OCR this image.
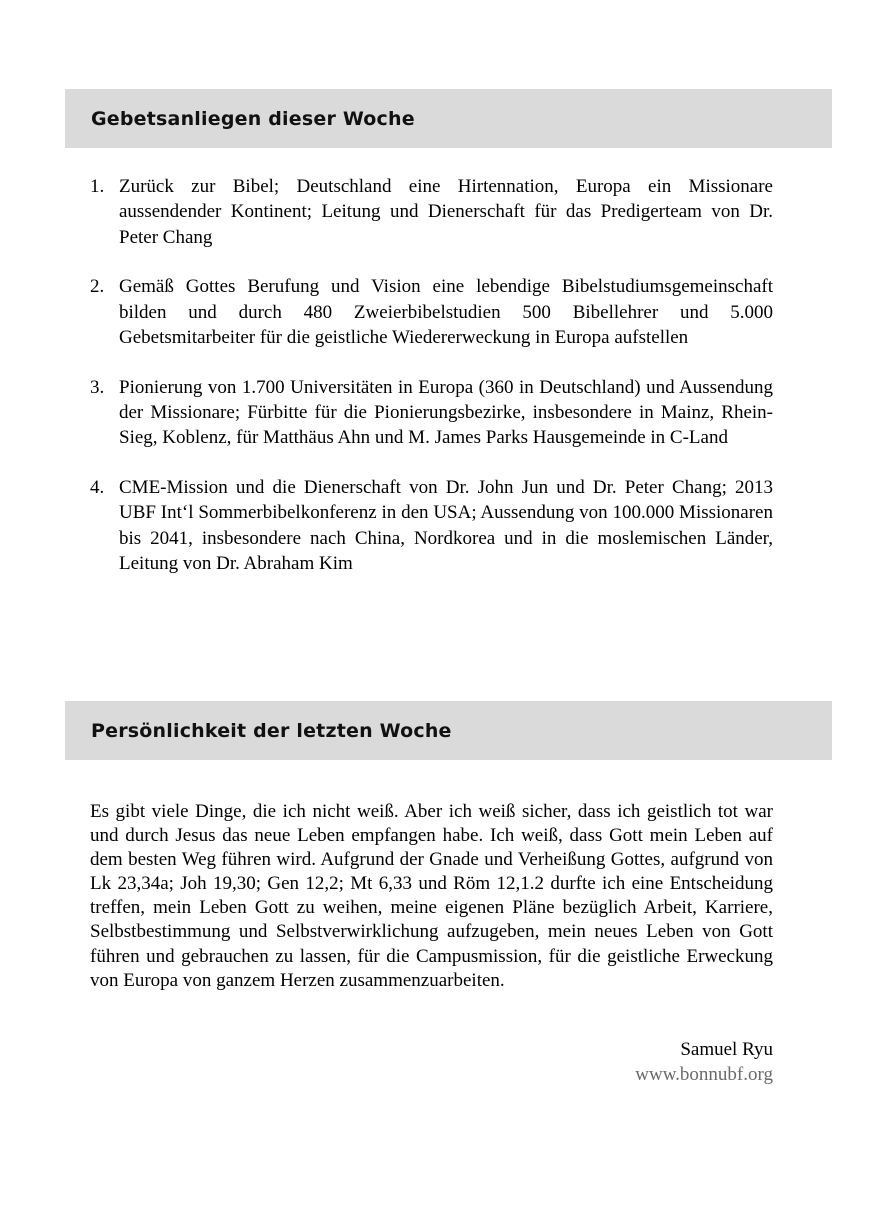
Gebetsanliegen dieser Woche
1. Zurück zur Bibel; Deutschland eine Hirtennation, Europa ein Missionare aussendender Kontinent; Leitung und Dienerschaft für das Predigerteam von Dr. Peter Chang
2. Gemäß Gottes Berufung und Vision eine lebendige Bibelstudiumsgemeinschaft bilden und durch 480 Zweierbibelstudien 500 Bibellehrer und 5.000 Gebetsmitarbeiter für die geistliche Wiedererweckung in Europa aufstellen
3. Pionierung von 1.700 Universitäten in Europa (360 in Deutschland) und Aussendung der Missionare; Fürbitte für die Pionierungsbezirke, insbesondere in Mainz, Rhein-Sieg, Koblenz, für Matthäus Ahn und M. James Parks Hausgemeinde in C-Land
4. CME-Mission und die Dienerschaft von Dr. John Jun und Dr. Peter Chang; 2013 UBF Int‘l Sommerbibelkonferenz in den USA; Aussendung von 100.000 Missionaren bis 2041, insbesondere nach China, Nordkorea und in die moslemischen Länder, Leitung von Dr. Abraham Kim
Persönlichkeit der letzten Woche

Es gibt viele Dinge, die ich nicht weiß. Aber ich weiß sicher, dass ich geistlich tot war und durch Jesus das neue Leben empfangen habe. Ich weiß, dass Gott mein Leben auf dem besten Weg führen wird. Aufgrund der Gnade und Verheißung Gottes, aufgrund von Lk 23,34a; Joh 19,30; Gen 12,2; Mt 6,33 und Röm 12,1.2 durfte ich eine Entscheidung treffen, mein Leben Gott zu weihen, meine eigenen Pläne bezüglich Arbeit, Karriere, Selbstbestimmung und Selbstverwirklichung aufzugeben, mein neues Leben von Gott führen und gebrauchen zu lassen, für die Campusmission, für die geistliche Erweckung von Europa von ganzem Herzen zusammenzuarbeiten.

Samuel Ryu
www.bonnubf.org
